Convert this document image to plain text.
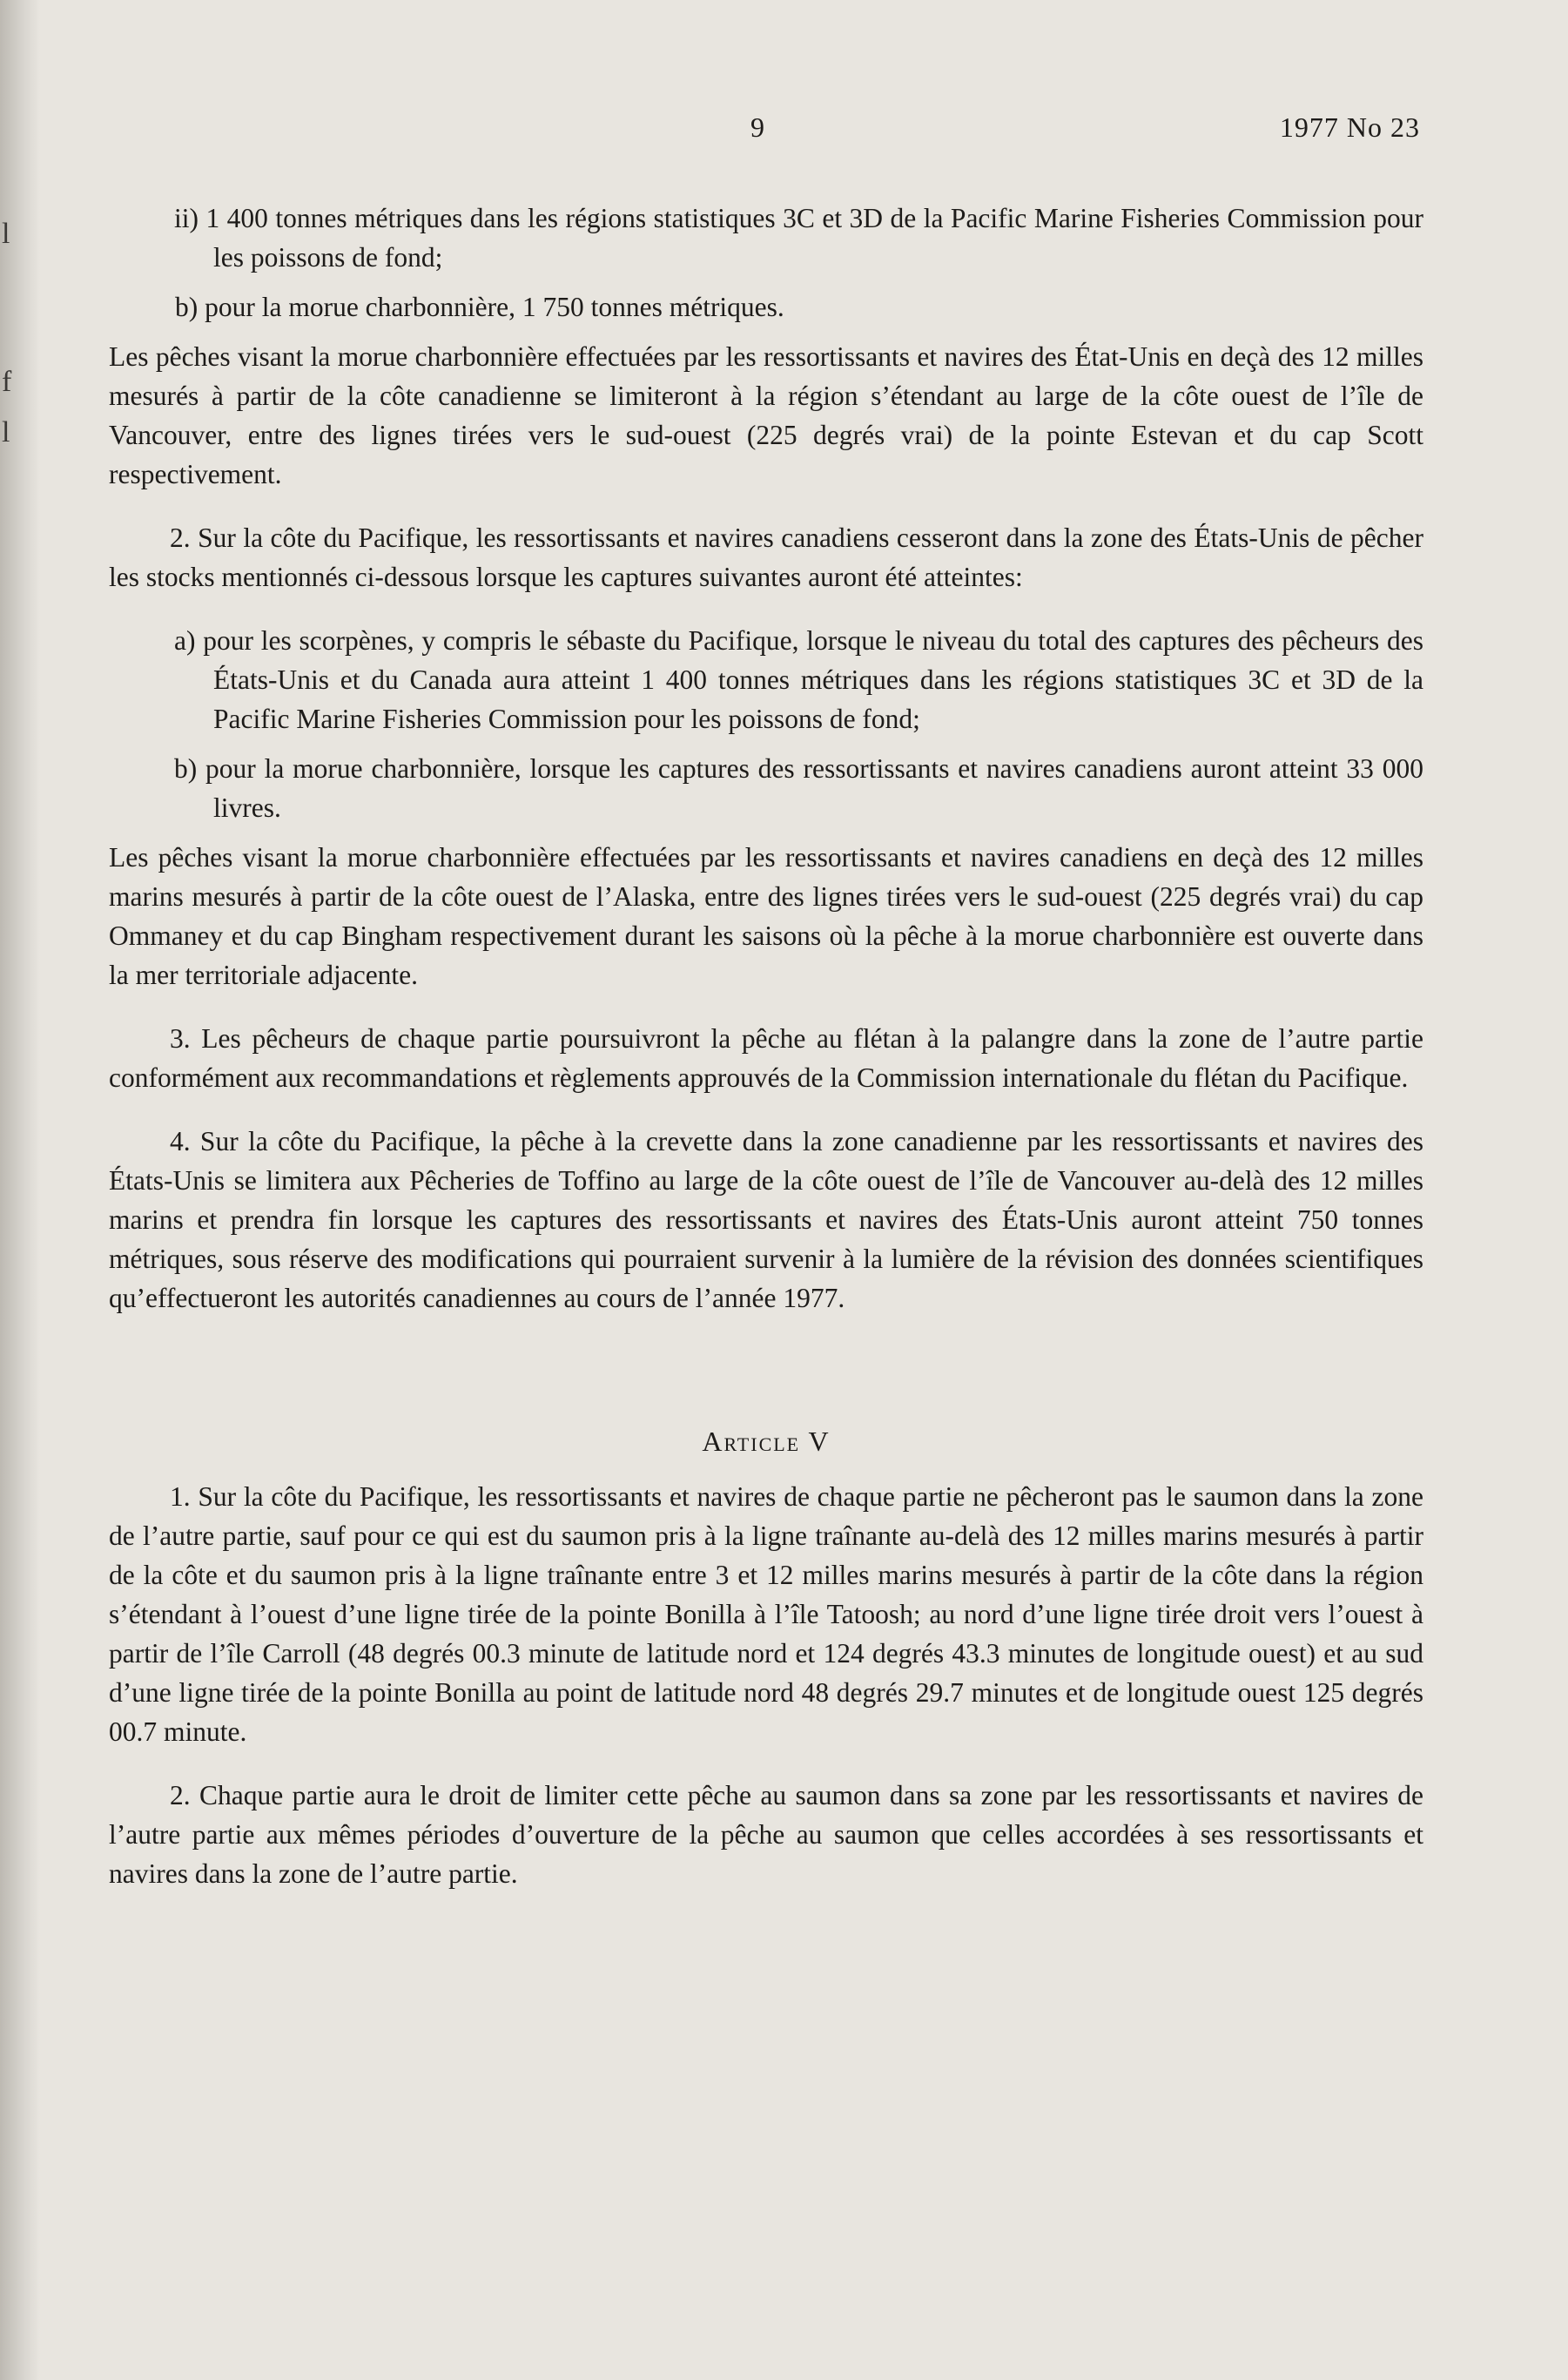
l
f
l
9	1977 No 23

ii) 1 400 tonnes métriques dans les régions statistiques 3C et 3D de la Pacific Marine Fisheries Commission pour les poissons de fond;

b) pour la morue charbonnière, 1 750 tonnes métriques.

Les pêches visant la morue charbonnière effectuées par les ressortissants et navires des État-Unis en deçà des 12 milles mesurés à partir de la côte canadienne se limiteront à la région s’étendant au large de la côte ouest de l’île de Vancouver, entre des lignes tirées vers le sud-ouest (225 degrés vrai) de la pointe Estevan et du cap Scott respectivement.

2. Sur la côte du Pacifique, les ressortissants et navires canadiens cesseront dans la zone des États-Unis de pêcher les stocks mentionnés ci-dessous lorsque les captures suivantes auront été atteintes:

a) pour les scorpènes, y compris le sébaste du Pacifique, lorsque le niveau du total des captures des pêcheurs des États-Unis et du Canada aura atteint 1 400 tonnes métriques dans les régions statistiques 3C et 3D de la Pacific Marine Fisheries Commission pour les poissons de fond;

b) pour la morue charbonnière, lorsque les captures des ressortissants et navires canadiens auront atteint 33 000 livres.

Les pêches visant la morue charbonnière effectuées par les ressortissants et navires canadiens en deçà des 12 milles marins mesurés à partir de la côte ouest de l’Alaska, entre des lignes tirées vers le sud-ouest (225 degrés vrai) du cap Ommaney et du cap Bingham respectivement durant les saisons où la pêche à la morue charbonnière est ouverte dans la mer territoriale adjacente.

3. Les pêcheurs de chaque partie poursuivront la pêche au flétan à la palangre dans la zone de l’autre partie conformément aux recommandations et règlements approuvés de la Commission internationale du flétan du Pacifique.

4. Sur la côte du Pacifique, la pêche à la crevette dans la zone canadienne par les ressortissants et navires des États-Unis se limitera aux Pêcheries de Toffino au large de la côte ouest de l’île de Vancouver au-delà des 12 milles marins et prendra fin lorsque les captures des ressortissants et navires des États-Unis auront atteint 750 tonnes métriques, sous réserve des modifications qui pourraient survenir à la lumière de la révision des données scientifiques qu’effectueront les autorités canadiennes au cours de l’année 1977.

Article V

1. Sur la côte du Pacifique, les ressortissants et navires de chaque partie ne pêcheront pas le saumon dans la zone de l’autre partie, sauf pour ce qui est du saumon pris à la ligne traînante au-delà des 12 milles marins mesurés à partir de la côte et du saumon pris à la ligne traînante entre 3 et 12 milles marins mesurés à partir de la côte dans la région s’étendant à l’ouest d’une ligne tirée de la pointe Bonilla à l’île Tatoosh; au nord d’une ligne tirée droit vers l’ouest à partir de l’île Carroll (48 degrés 00.3 minute de latitude nord et 124 degrés 43.3 minutes de longitude ouest) et au sud d’une ligne tirée de la pointe Bonilla au point de latitude nord 48 degrés 29.7 minutes et de longitude ouest 125 degrés 00.7 minute.

2. Chaque partie aura le droit de limiter cette pêche au saumon dans sa zone par les ressortissants et navires de l’autre partie aux mêmes périodes d’ouverture de la pêche au saumon que celles accordées à ses ressortissants et navires dans la zone de l’autre partie.
